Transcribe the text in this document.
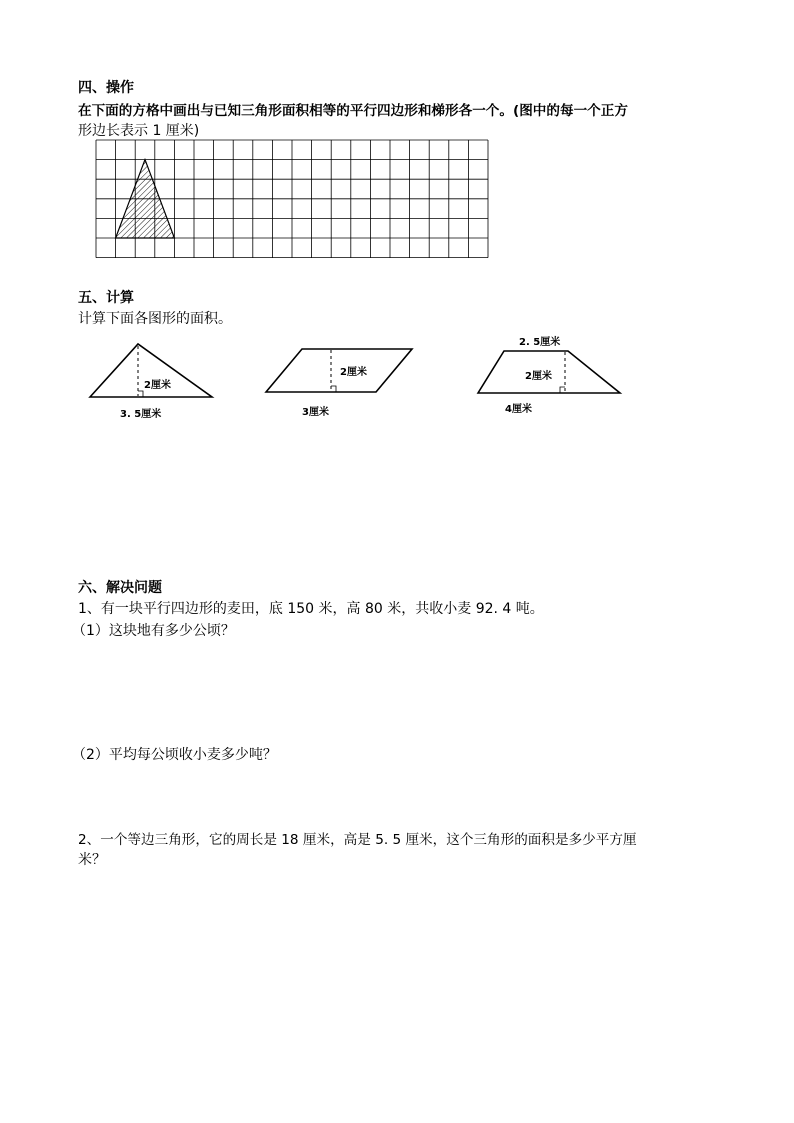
四、操作
在下面的方格中画出与已知三角形面积相等的平行四边形和梯形各一个。(图中的每一个正方
形边长表示 1 厘米)
五、计算
计算下面各图形的面积。
2厘米
3. 5厘米
2厘米
3厘米
2. 5厘米
2厘米
4厘米
六、解决问题
1、有一块平行四边形的麦田，底 150 米，高 80 米，共收小麦 92. 4 吨。
（1）这块地有多少公顷？
（2）平均每公顷收小麦多少吨？
2、一个等边三角形，它的周长是 18 厘米，高是 5. 5 厘米，这个三角形的面积是多少平方厘
米？
